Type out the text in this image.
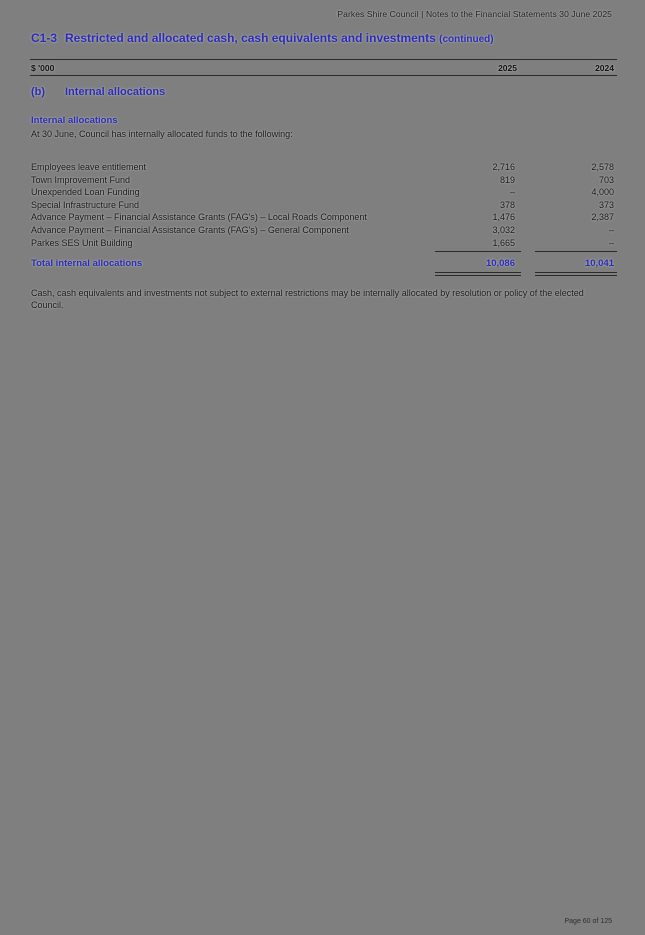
Parkes Shire Council | Notes to the Financial Statements 30 June 2025
C1-3 Restricted and allocated cash, cash equivalents and investments (continued)
$ '000	2025	2024
(b) Internal allocations
Internal allocations
At 30 June, Council has internally allocated funds to the following:
Employees leave entitlement	2,716	2,578
Town Improvement Fund	819	703
Unexpended Loan Funding	–	4,000
Special Infrastructure Fund	378	373
Advance Payment – Financial Assistance Grants (FAG's) – Local Roads Component	1,476	2,387
Advance Payment – Financial Assistance Grants (FAG's) – General Component	3,032	–
Parkes SES Unit Building	1,665	–
Total internal allocations	10,086	10,041
Cash, cash equivalents and investments not subject to external restrictions may be internally allocated by resolution or policy of the elected Council.
Page 60 of 125
